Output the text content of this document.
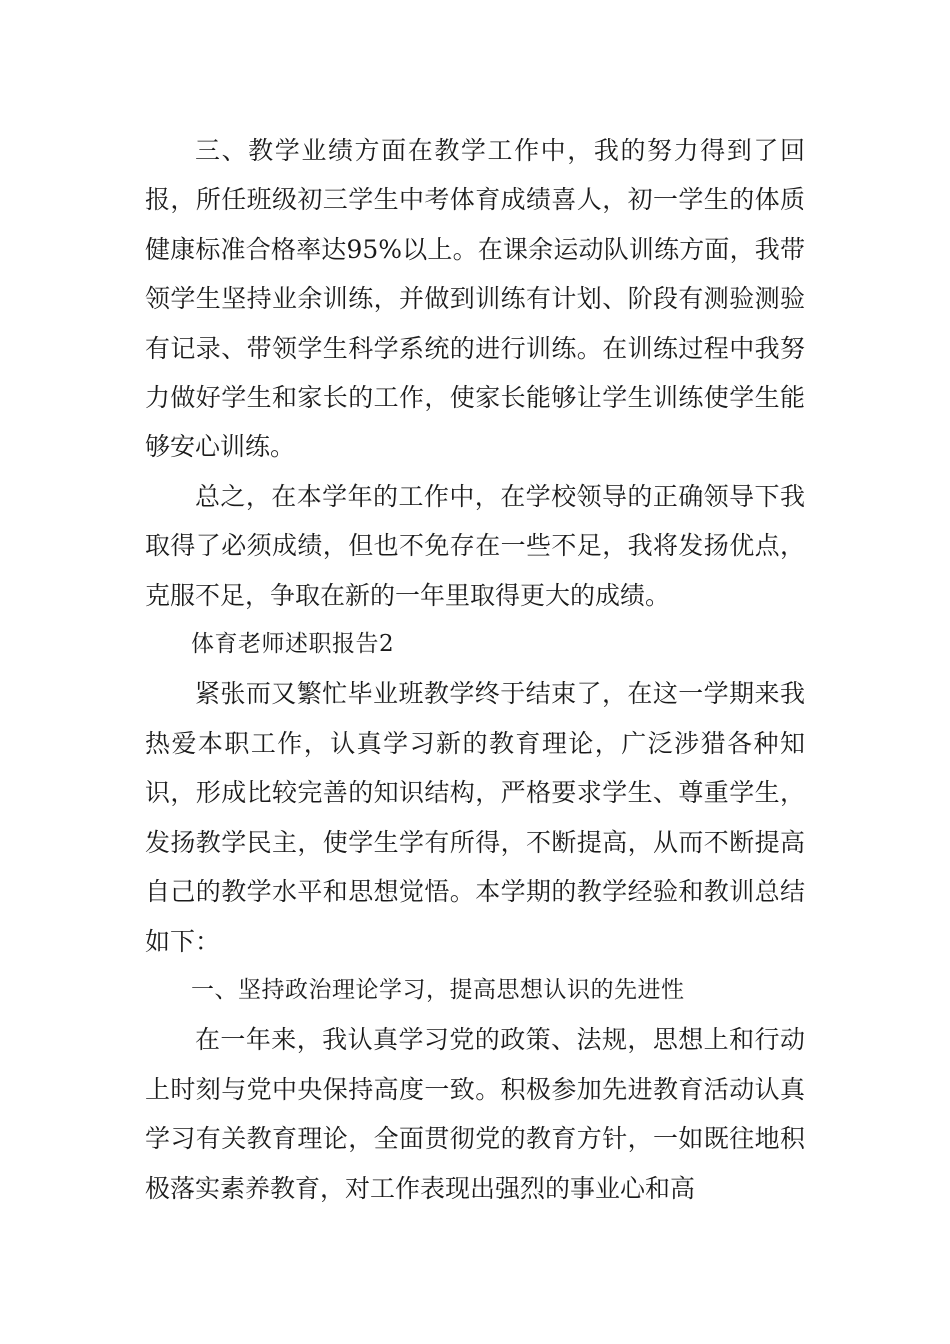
三、教学业绩方面在教学工作中，我的努力得到了回报，所任班级初三学生中考体育成绩喜人，初一学生的体质健康标准合格率达95%以上。在课余运动队训练方面，我带领学生坚持业余训练，并做到训练有计划、阶段有测验测验有记录、带领学生科学系统的进行训练。在训练过程中我努力做好学生和家长的工作，使家长能够让学生训练使学生能够安心训练。

总之，在本学年的工作中，在学校领导的正确领导下我取得了必须成绩，但也不免存在一些不足，我将发扬优点，克服不足，争取在新的一年里取得更大的成绩。

体育老师述职报告2

紧张而又繁忙毕业班教学终于结束了，在这一学期来我热爱本职工作，认真学习新的教育理论，广泛涉猎各种知识，形成比较完善的知识结构，严格要求学生、尊重学生，发扬教学民主，使学生学有所得，不断提高，从而不断提高自己的教学水平和思想觉悟。本学期的教学经验和教训总结如下：

一、坚持政治理论学习，提高思想认识的先进性

在一年来，我认真学习党的政策、法规，思想上和行动上时刻与党中央保持高度一致。积极参加先进教育活动认真学习有关教育理论，全面贯彻党的教育方针，一如既往地积极落实素养教育，对工作表现出强烈的事业心和高
